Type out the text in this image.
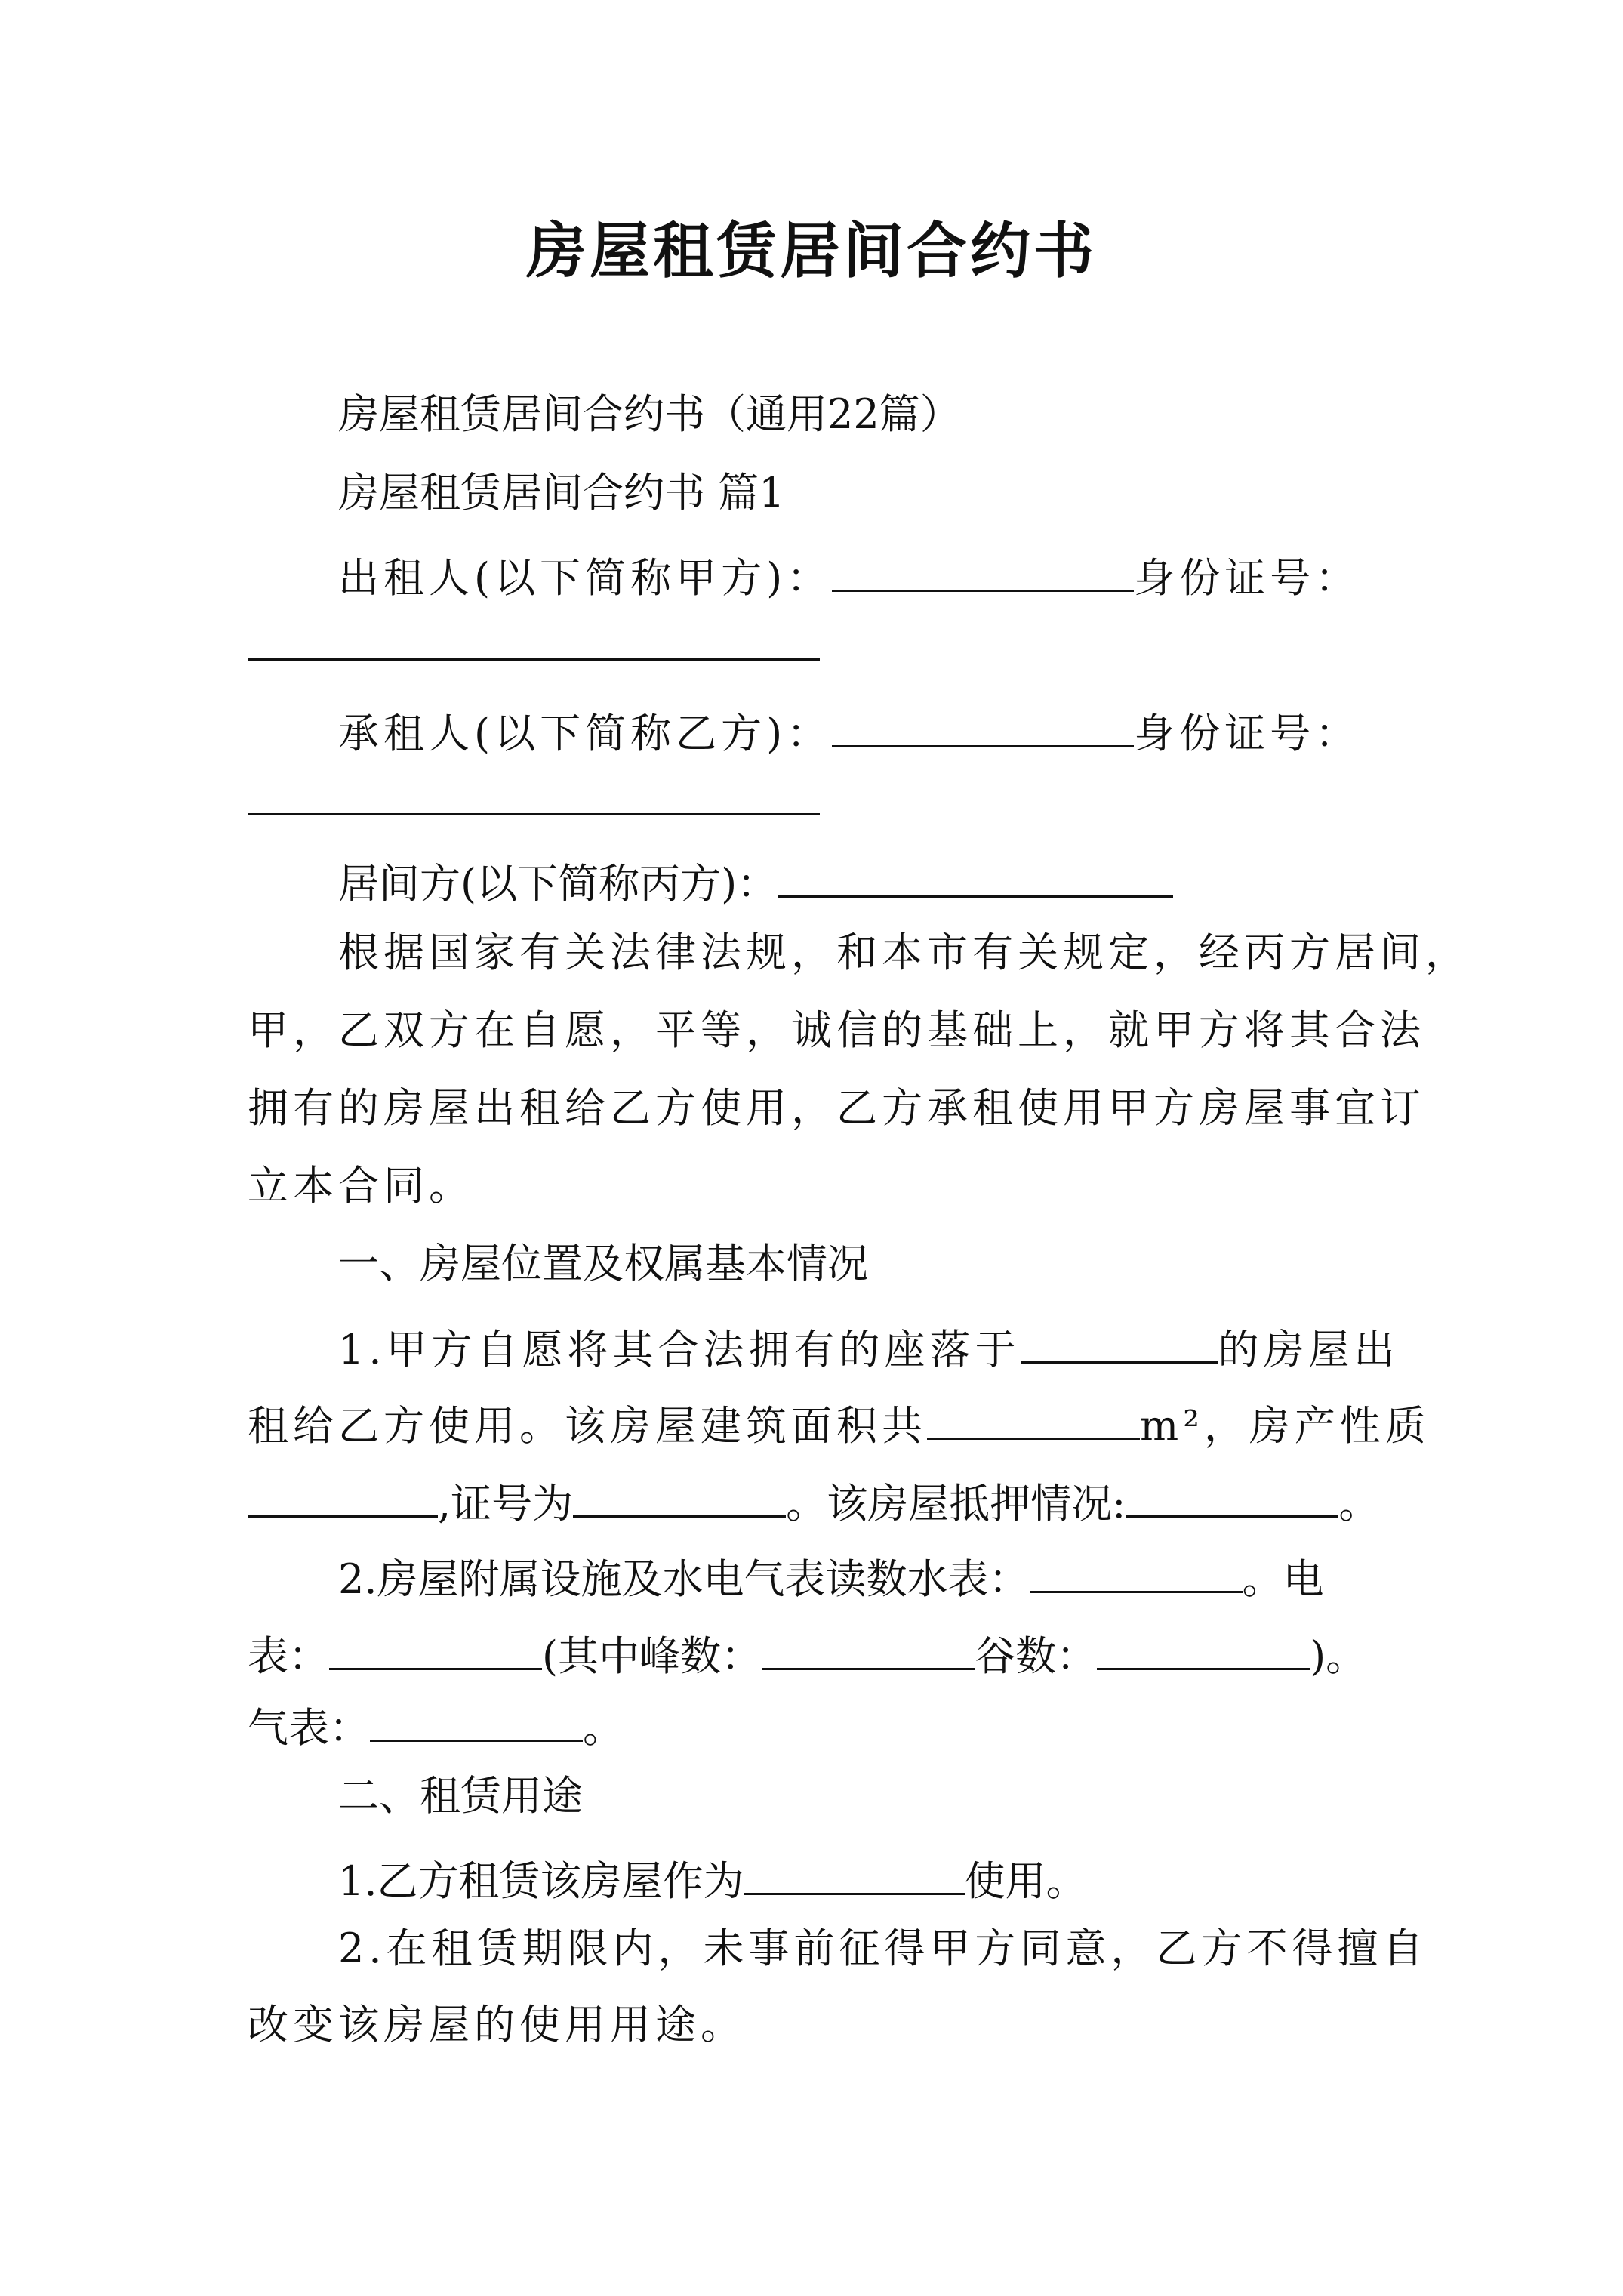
房屋租赁居间合约书
房屋租赁居间合约书（通用22篇）
房屋租赁居间合约书 篇1
出租人(以下简称甲方)：	身份证号：
承租人(以下简称乙方)：	身份证号：
居间方(以下简称丙方)：
根据国家有关法律法规，和本市有关规定，经丙方居间，
甲，乙双方在自愿，平等，诚信的基础上，就甲方将其合法
拥有的房屋出租给乙方使用，乙方承租使用甲方房屋事宜订
立本合同。
一、房屋位置及权属基本情况
1.甲方自愿将其合法拥有的座落于	的房屋出
租给乙方使用。该房屋建筑面积共	m²，房产性质
,证号为	。该房屋抵押情况:	。
2.房屋附属设施及水电气表读数水表：	。电
表：	(其中峰数：	谷数：	)。
气表：	。
二、租赁用途
1.乙方租赁该房屋作为	使用。
2.在租赁期限内，未事前征得甲方同意，乙方不得擅自
改变该房屋的使用用途。
